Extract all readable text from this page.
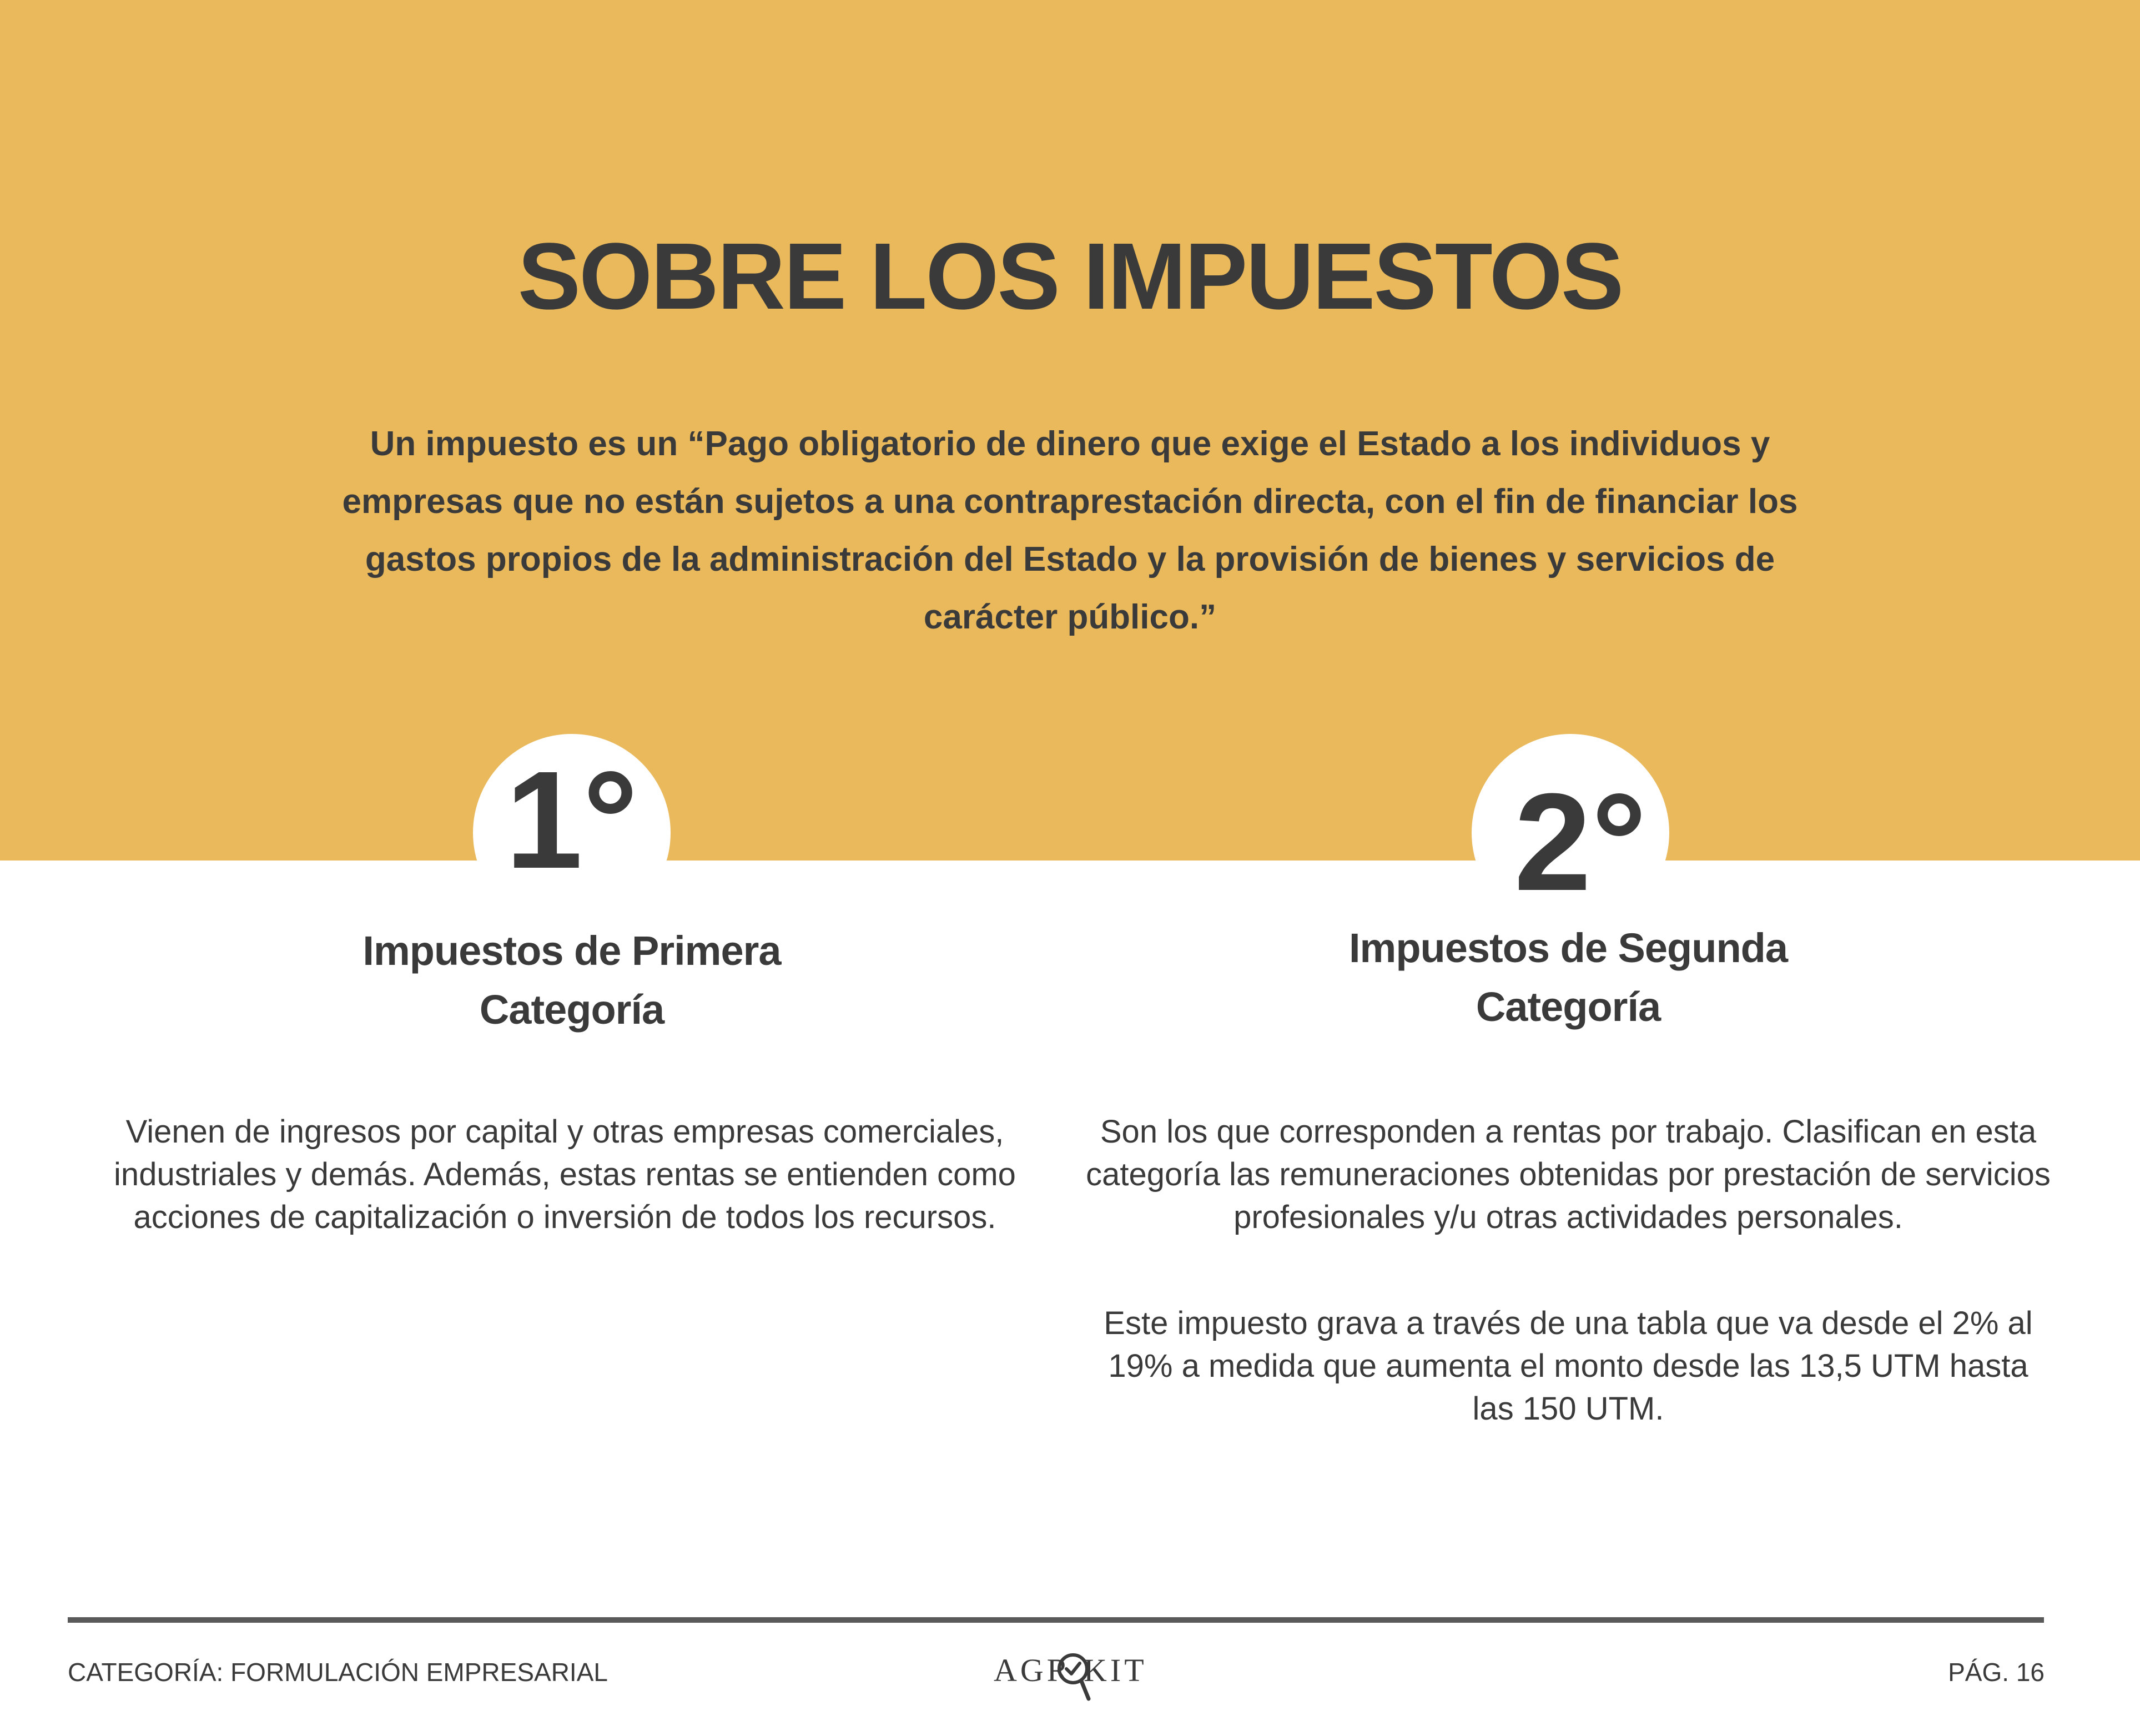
SOBRE LOS IMPUESTOS

Un impuesto es un “Pago obligatorio de dinero que exige el Estado a los individuos y empresas que no están sujetos a una contraprestación directa, con el fin de financiar los gastos propios de la administración del Estado y la provisión de bienes y servicios de carácter público.”

1°	2°
Impuestos de Primera Categoría
Impuestos de Segunda Categoría

Vienen de ingresos por capital y otras empresas comerciales, industriales y demás. Además, estas rentas se entienden como acciones de capitalización o inversión de todos los recursos.

Son los que corresponden a rentas por trabajo. Clasifican en esta categoría las remuneraciones obtenidas por prestación de servicios profesionales y/u otras actividades personales.

Este impuesto grava a través de una tabla que va desde el 2% al 19% a medida que aumenta el monto desde las 13,5 UTM hasta las 150 UTM.

CATEGORÍA: FORMULACIÓN EMPRESARIAL	AGR KIT	PÁG. 16
